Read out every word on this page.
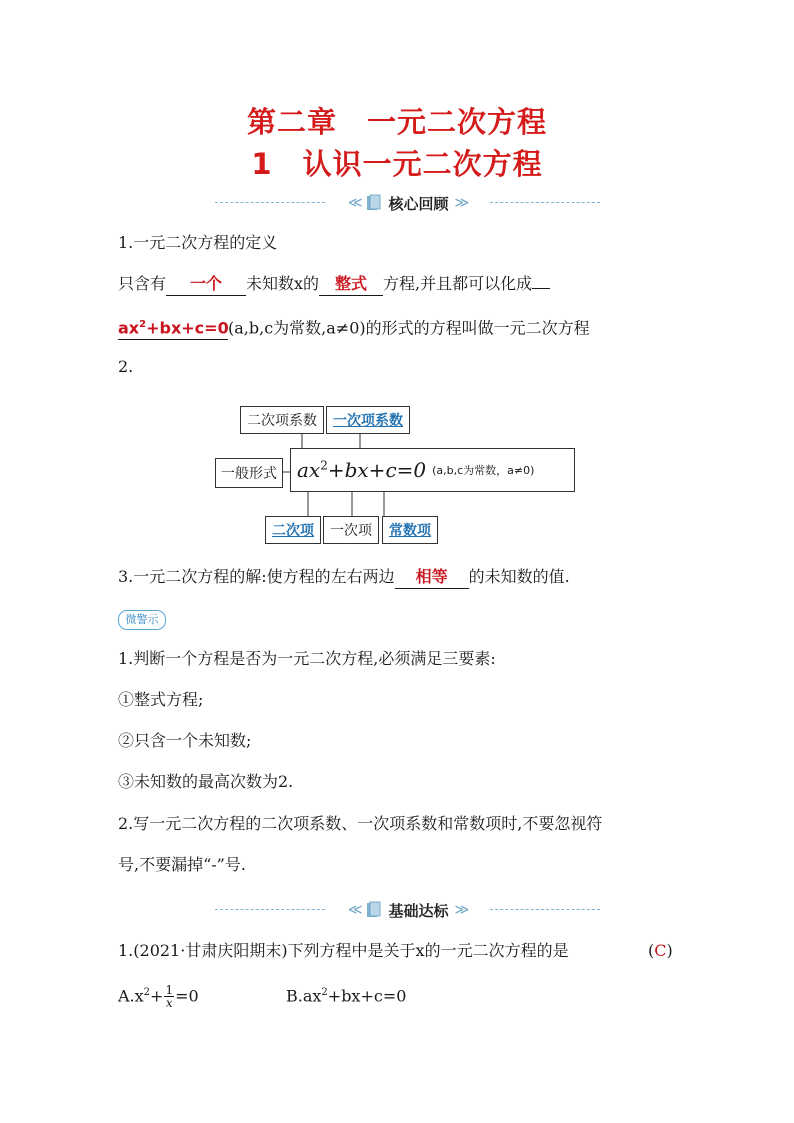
第二章　一元二次方程
1　认识一元二次方程
≪ 核心回顾 ≫
1.一元二次方程的定义
只含有 一个 未知数x的 整式 方程,并且都可以化成
$ax^2+bx+c=0(a,b,c$为常数,a≠0)的形式的方程叫做一元二次方程
2.
二次项系数 一次项系数
一般形式 $ax^2+bx+c=0$ (a,b,c为常数，a≠0)
二次项 一次项 常数项
3.一元二次方程的解:使方程的左右两边 相等 的未知数的值.
微警示
1.判断一个方程是否为一元二次方程,必须满足三要素:
①整式方程;
②只含一个未知数;
③未知数的最高次数为2.
2.写一元二次方程的二次项系数、一次项系数和常数项时,不要忽视符
号,不要漏掉“-”号.
≪ 基础达标 ≫
1.(2021·甘肃庆阳期末)下列方程中是关于x的一元二次方程的是	(C)
$A.x^2+ \frac{1}{x} =0$	$B.ax^2+bx+c=0$
